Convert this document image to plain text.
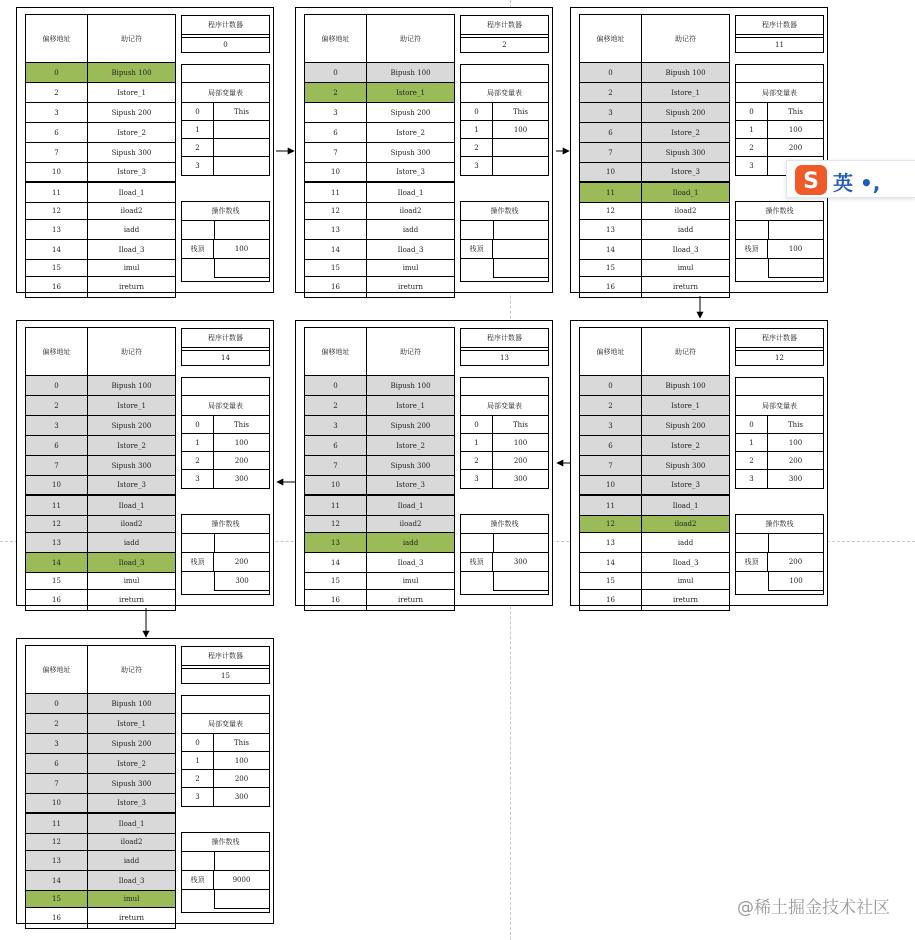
偏移地址	助记符
0	Bipush 100
2	Istore_1
3	Sipush 200
6	Istore_2
7	Sipush 300
10	Istore_3
11	Iload_1
12	iload2
13	iadd
14	Iload_3
15	imul
16	ireturn
程序计数器
0
局部变量表
0	This
1
2
3
操作数栈
栈顶	100
偏移地址	助记符
0	Bipush 100
2	Istore_1
3	Sipush 200
6	Istore_2
7	Sipush 300
10	Istore_3
11	Iload_1
12	iload2
13	iadd
14	Iload_3
15	imul
16	ireturn
程序计数器
2
局部变量表
0	This
1	100
2
3
操作数栈
栈顶
偏移地址	助记符
0	Bipush 100
2	Istore_1
3	Sipush 200
6	Istore_2
7	Sipush 300
10	Istore_3
11	Iload_1
12	iload2
13	iadd
14	Iload_3
15	imul
16	ireturn
程序计数器
11
局部变量表
0	This
1	100
2	200
3
操作数栈
栈顶	100
偏移地址	助记符
0	Bipush 100
2	Istore_1
3	Sipush 200
6	Istore_2
7	Sipush 300
10	Istore_3
11	Iload_1
12	iload2
13	iadd
14	Iload_3
15	imul
16	ireturn
程序计数器
12
局部变量表
0	This
1	100
2	200
3	300
操作数栈
栈顶	200
100
偏移地址	助记符
0	Bipush 100
2	Istore_1
3	Sipush 200
6	Istore_2
7	Sipush 300
10	Istore_3
11	Iload_1
12	iload2
13	iadd
14	Iload_3
15	imul
16	ireturn
程序计数器
13
局部变量表
0	This
1	100
2	200
3	300
操作数栈
栈顶	300
偏移地址	助记符
0	Bipush 100
2	Istore_1
3	Sipush 200
6	Istore_2
7	Sipush 300
10	Istore_3
11	Iload_1
12	iload2
13	iadd
14	Iload_3
15	imul
16	ireturn
程序计数器
14
局部变量表
0	This
1	100
2	200
3	300
操作数栈
栈顶	200
300
偏移地址	助记符
0	Bipush 100
2	Istore_1
3	Sipush 200
6	Istore_2
7	Sipush 300
10	Istore_3
11	Iload_1
12	iload2
13	iadd
14	Iload_3
15	imul
16	ireturn
程序计数器
15
局部变量表
0	This
1	100
2	200
3	300
操作数栈
栈顶	9000
S 英 •,
@稀土掘金技术社区
